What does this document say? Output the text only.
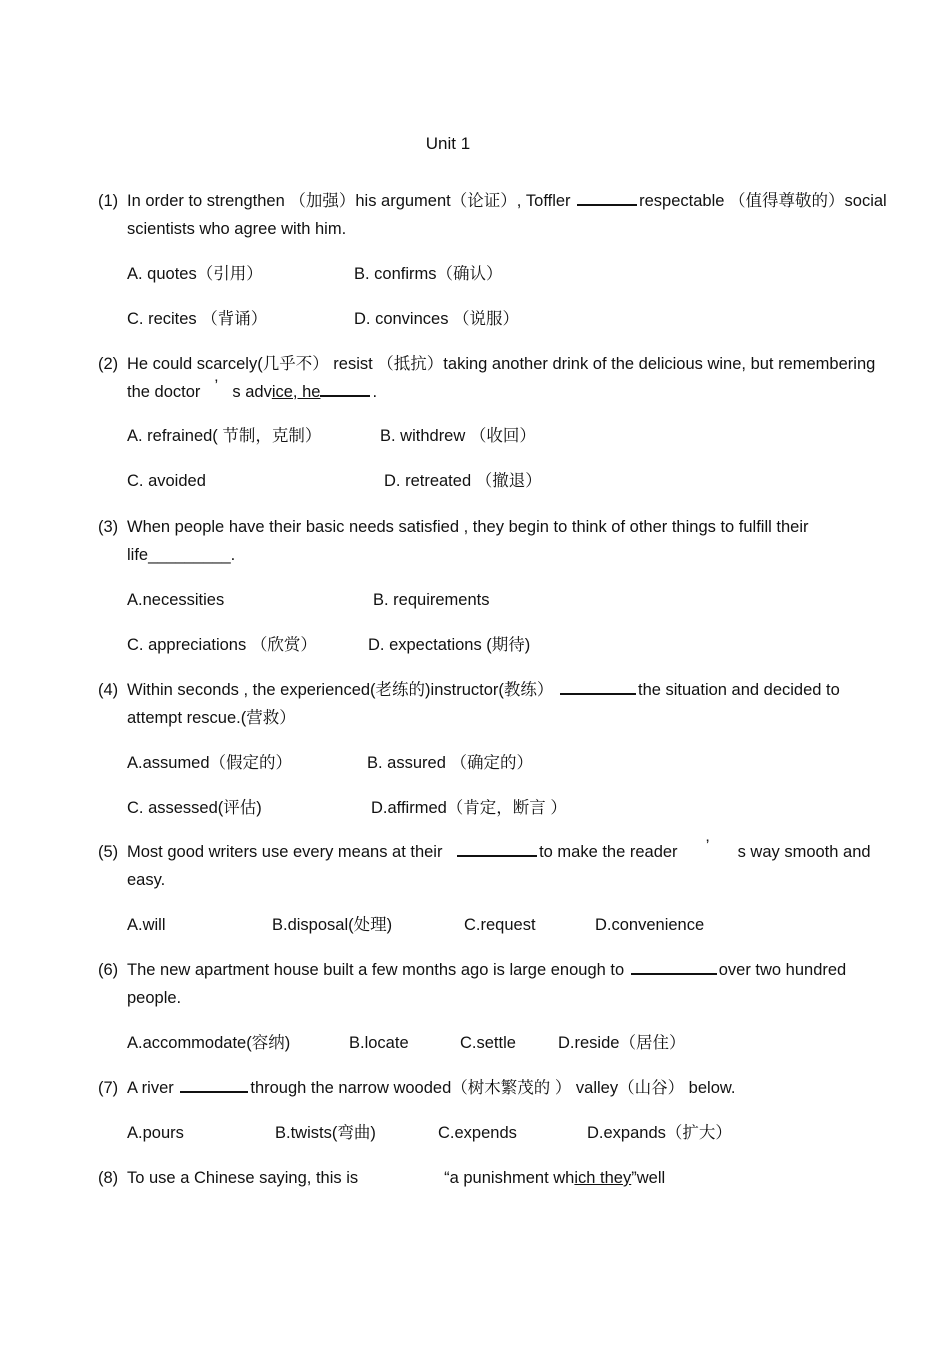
Unit 1
(1) In order to strengthen （加强）his argument（论证）, Toffler	respectable （值得尊敬的）social scientists who agree with him.
A. quotes（引用）	B. confirms（确认）
C. recites （背诵）	D. convinces （说服）
(2) He could scarcely(几乎不） resist （抵抗）taking another drink of the delicious wine, but remembering the doctor ’ s advice, he	.
A. refrained( 节制，克制）	B. withdrew （收回）
C. avoided	D. retreated （撤退）
(3) When people have their basic needs satisfied , they begin to think of other things to fulfill their life_________.
A.necessities	B. requirements
C. appreciations （欣赏）	D. expectations (期待)
(4) Within seconds , the experienced(老练的)instructor(教练）	the situation and decided to attempt rescue.(营救）
A.assumed（假定的）	B. assured （确定的）
C. assessed(评估)	D.affirmed（肯定，断言 ）
(5) Most good writers use every means at their	to make the reader ’ s way smooth and easy.
A.will	B.disposal(处理)	C.request	D.convenience
(6) The new apartment house built a few months ago is large enough to	over two hundred people.
A.accommodate(容纳)	B.locate	C.settle	D.reside（居住）
(7) A river	through the narrow wooded（树木繁茂的 ） valley（山谷） below.
A.pours	B.twists(弯曲)	C.expends	D.expands（扩大）
(8) To use a Chinese saying, this is	“a punishment which they”well
